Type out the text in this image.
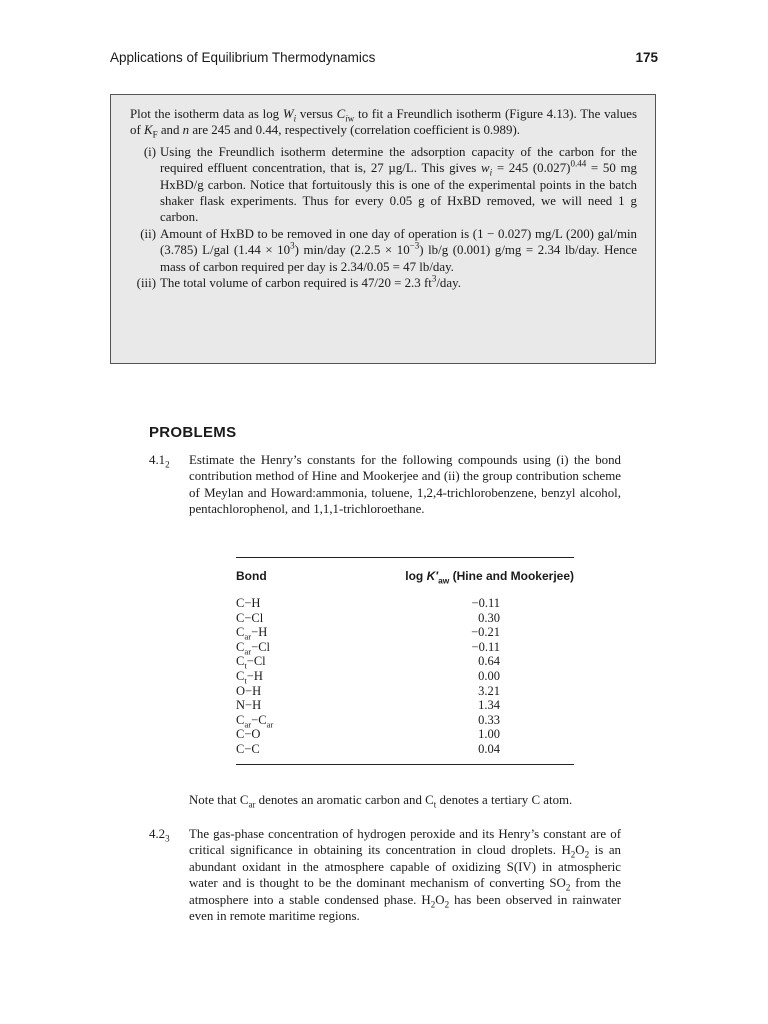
Applications of Equilibrium Thermodynamics	175

Plot the isotherm data as $\log W_i$ versus $C_{iw}$ to fit a Freundlich isotherm (Figure 4.13). The values of $K_F$ and n are 245 and 0.44, respectively (correlation coefficient is 0.989).

(i) Using the Freundlich isotherm determine the adsorption capacity of the carbon for the required effluent concentration, that is, 27 µg/L. This gives $w_i = 245$ $(0.027)^{0.44} = 50$ mg HxBD/g carbon. Notice that fortuitously this is one of the experimental points in the batch shaker flask experiments. Thus for every 0.05 g of HxBD removed, we will need 1 g carbon.
(ii) Amount of HxBD to be removed in one day of operation is (1 − 0.027) mg/L (200) gal/min (3.785) L/gal $(1.44 \times 10^3)$ min/day $(2.2.5 \times 10^{-3})$ lb/g (0.001) g/mg = 2.34 lb/day. Hence mass of carbon required per day is 2.34/0.05 = 47 lb/day.
(iii) The total volume of carbon required is 47/20 = 2.3 $ft^3$/day.
PROBLEMS
$4.1_2$ Estimate the Henry’s constants for the following compounds using (i) the bond contribution method of Hine and Mookerjee and (ii) the group contribution scheme of Meylan and Howard:ammonia, toluene, 1,2,4-trichlorobenzene, benzyl alcohol, pentachlorophenol, and 1,1,1-trichloroethane.
Bond	$\log K'_{aw}$ (Hine and Mookerjee)
C−H	−0.11
C−Cl	0.30
$C_{ar}-H$	−0.21
$C_{ar}-Cl$	−0.11
$C_t-Cl$	0.64
$C_t-H$	0.00
O−H	3.21
N−H	1.34
$C_{ar}-C_{ar}$	0.33
C−O	1.00
C−C	0.04
Note that $C_{ar}$ denotes an aromatic carbon and $C_t$ denotes a tertiary C atom.
$4.2_3$ The gas-phase concentration of hydrogen peroxide and its Henry’s constant are of critical significance in obtaining its concentration in cloud droplets. $H_2O_2$ is an abundant oxidant in the atmosphere capable of oxidizing S(IV) in atmospheric water and is thought to be the dominant mechanism of converting $SO_2$ from the atmosphere into a stable condensed phase. $H_2O_2$ has been observed in rainwater even in remote maritime regions.
